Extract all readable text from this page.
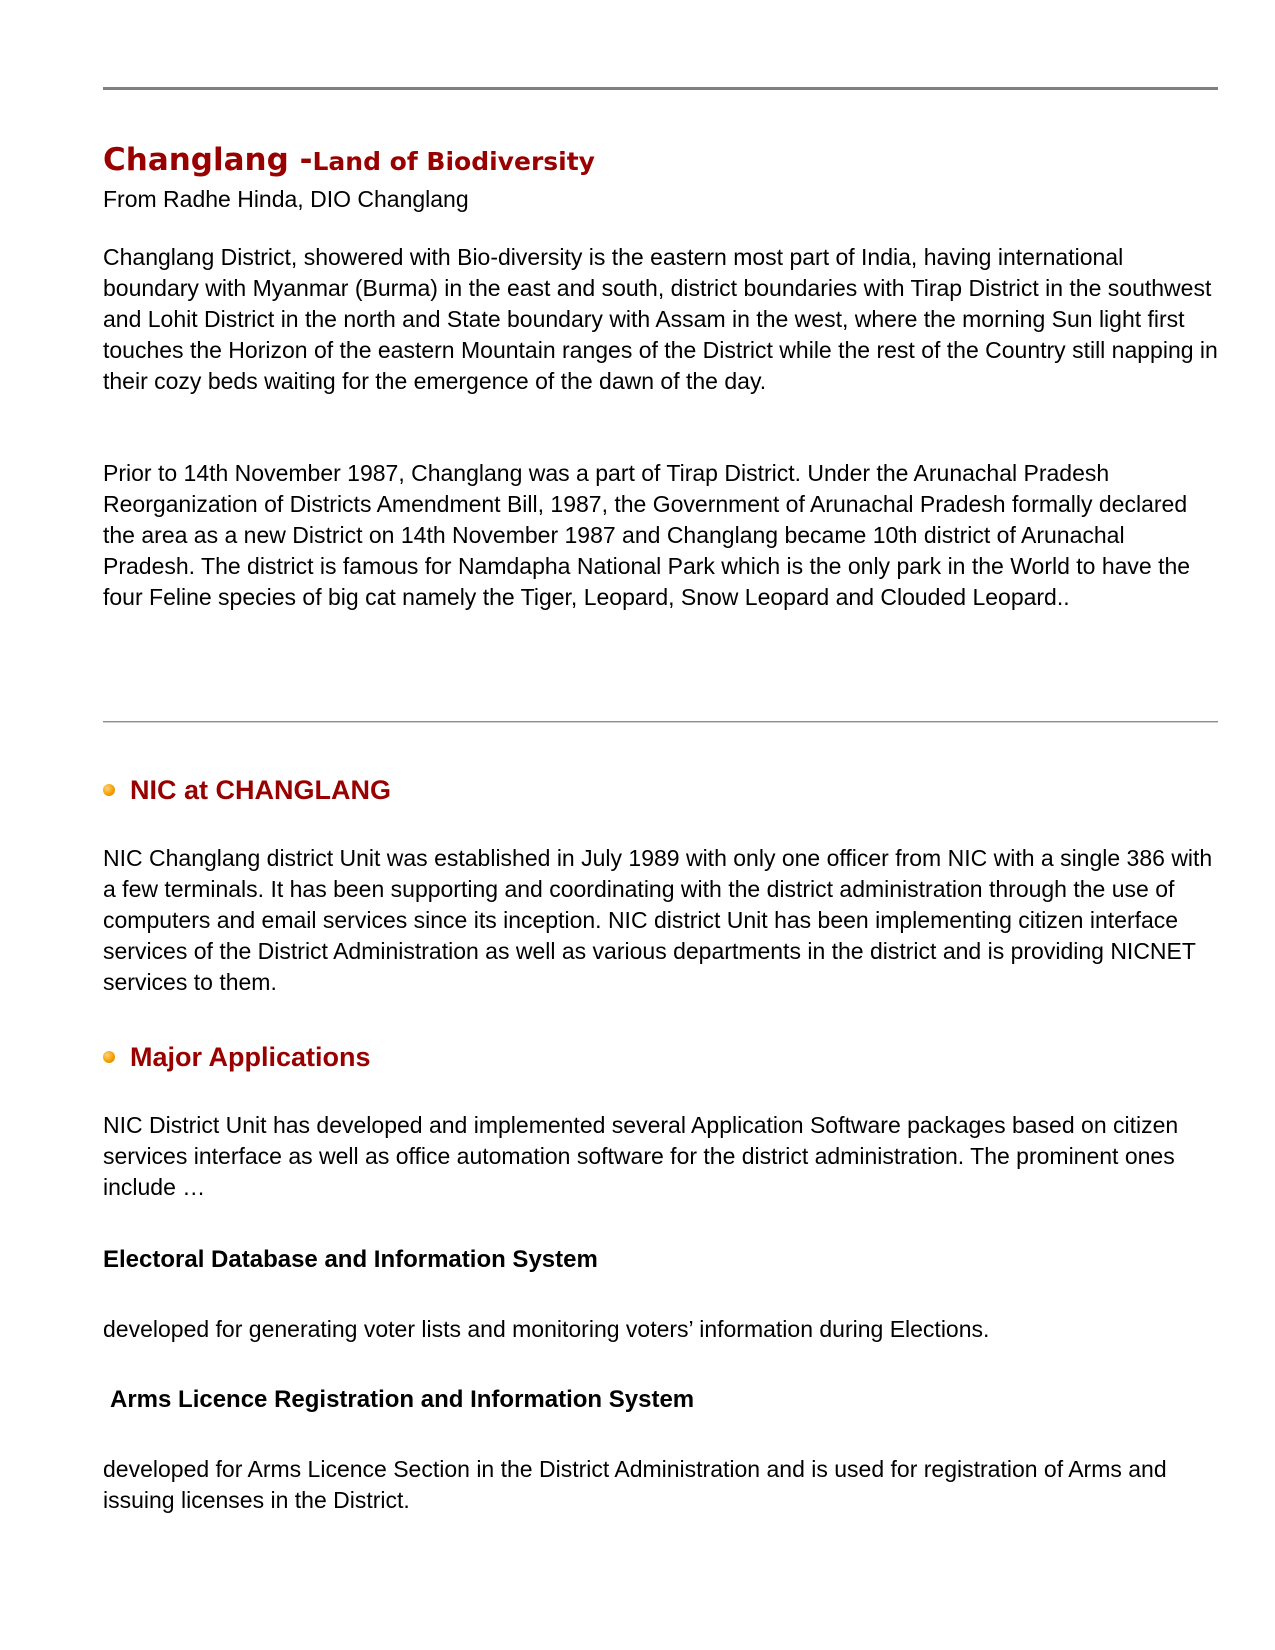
Changlang -Land of Biodiversity

From Radhe Hinda, DIO Changlang

Changlang District, showered with Bio-diversity is the eastern most part of India, having international boundary with Myanmar (Burma) in the east and south, district boundaries with Tirap District in the southwest and Lohit District in the north and State boundary with Assam in the west, where the morning Sun light first touches the Horizon of the eastern Mountain ranges of the District while the rest of the Country still napping in their cozy beds waiting for the emergence of the dawn of the day.

Prior to 14th November 1987, Changlang was a part of Tirap District. Under the Arunachal Pradesh Reorganization of Districts Amendment Bill, 1987, the Government of Arunachal Pradesh formally declared the area as a new District on 14th November 1987 and Changlang became 10th district of Arunachal Pradesh. The district is famous for Namdapha National Park which is the only park in the World to have the four Feline species of big cat namely the Tiger, Leopard, Snow Leopard and Clouded Leopard..

NIC at CHANGLANG

NIC Changlang district Unit was established in July 1989 with only one officer from NIC with a single 386 with a few terminals. It has been supporting and coordinating with the district administration through the use of computers and email services since its inception. NIC district Unit has been implementing citizen interface services of the District Administration as well as various departments in the district and is providing NICNET services to them.

Major Applications

NIC District Unit has developed and implemented several Application Software packages based on citizen services interface as well as office automation software for the district administration. The prominent ones include …

Electoral Database and Information System

developed for generating voter lists and monitoring voters’ information during Elections.

Arms Licence Registration and Information System

developed for Arms Licence Section in the District Administration and is used for registration of Arms and issuing licenses in the District.
